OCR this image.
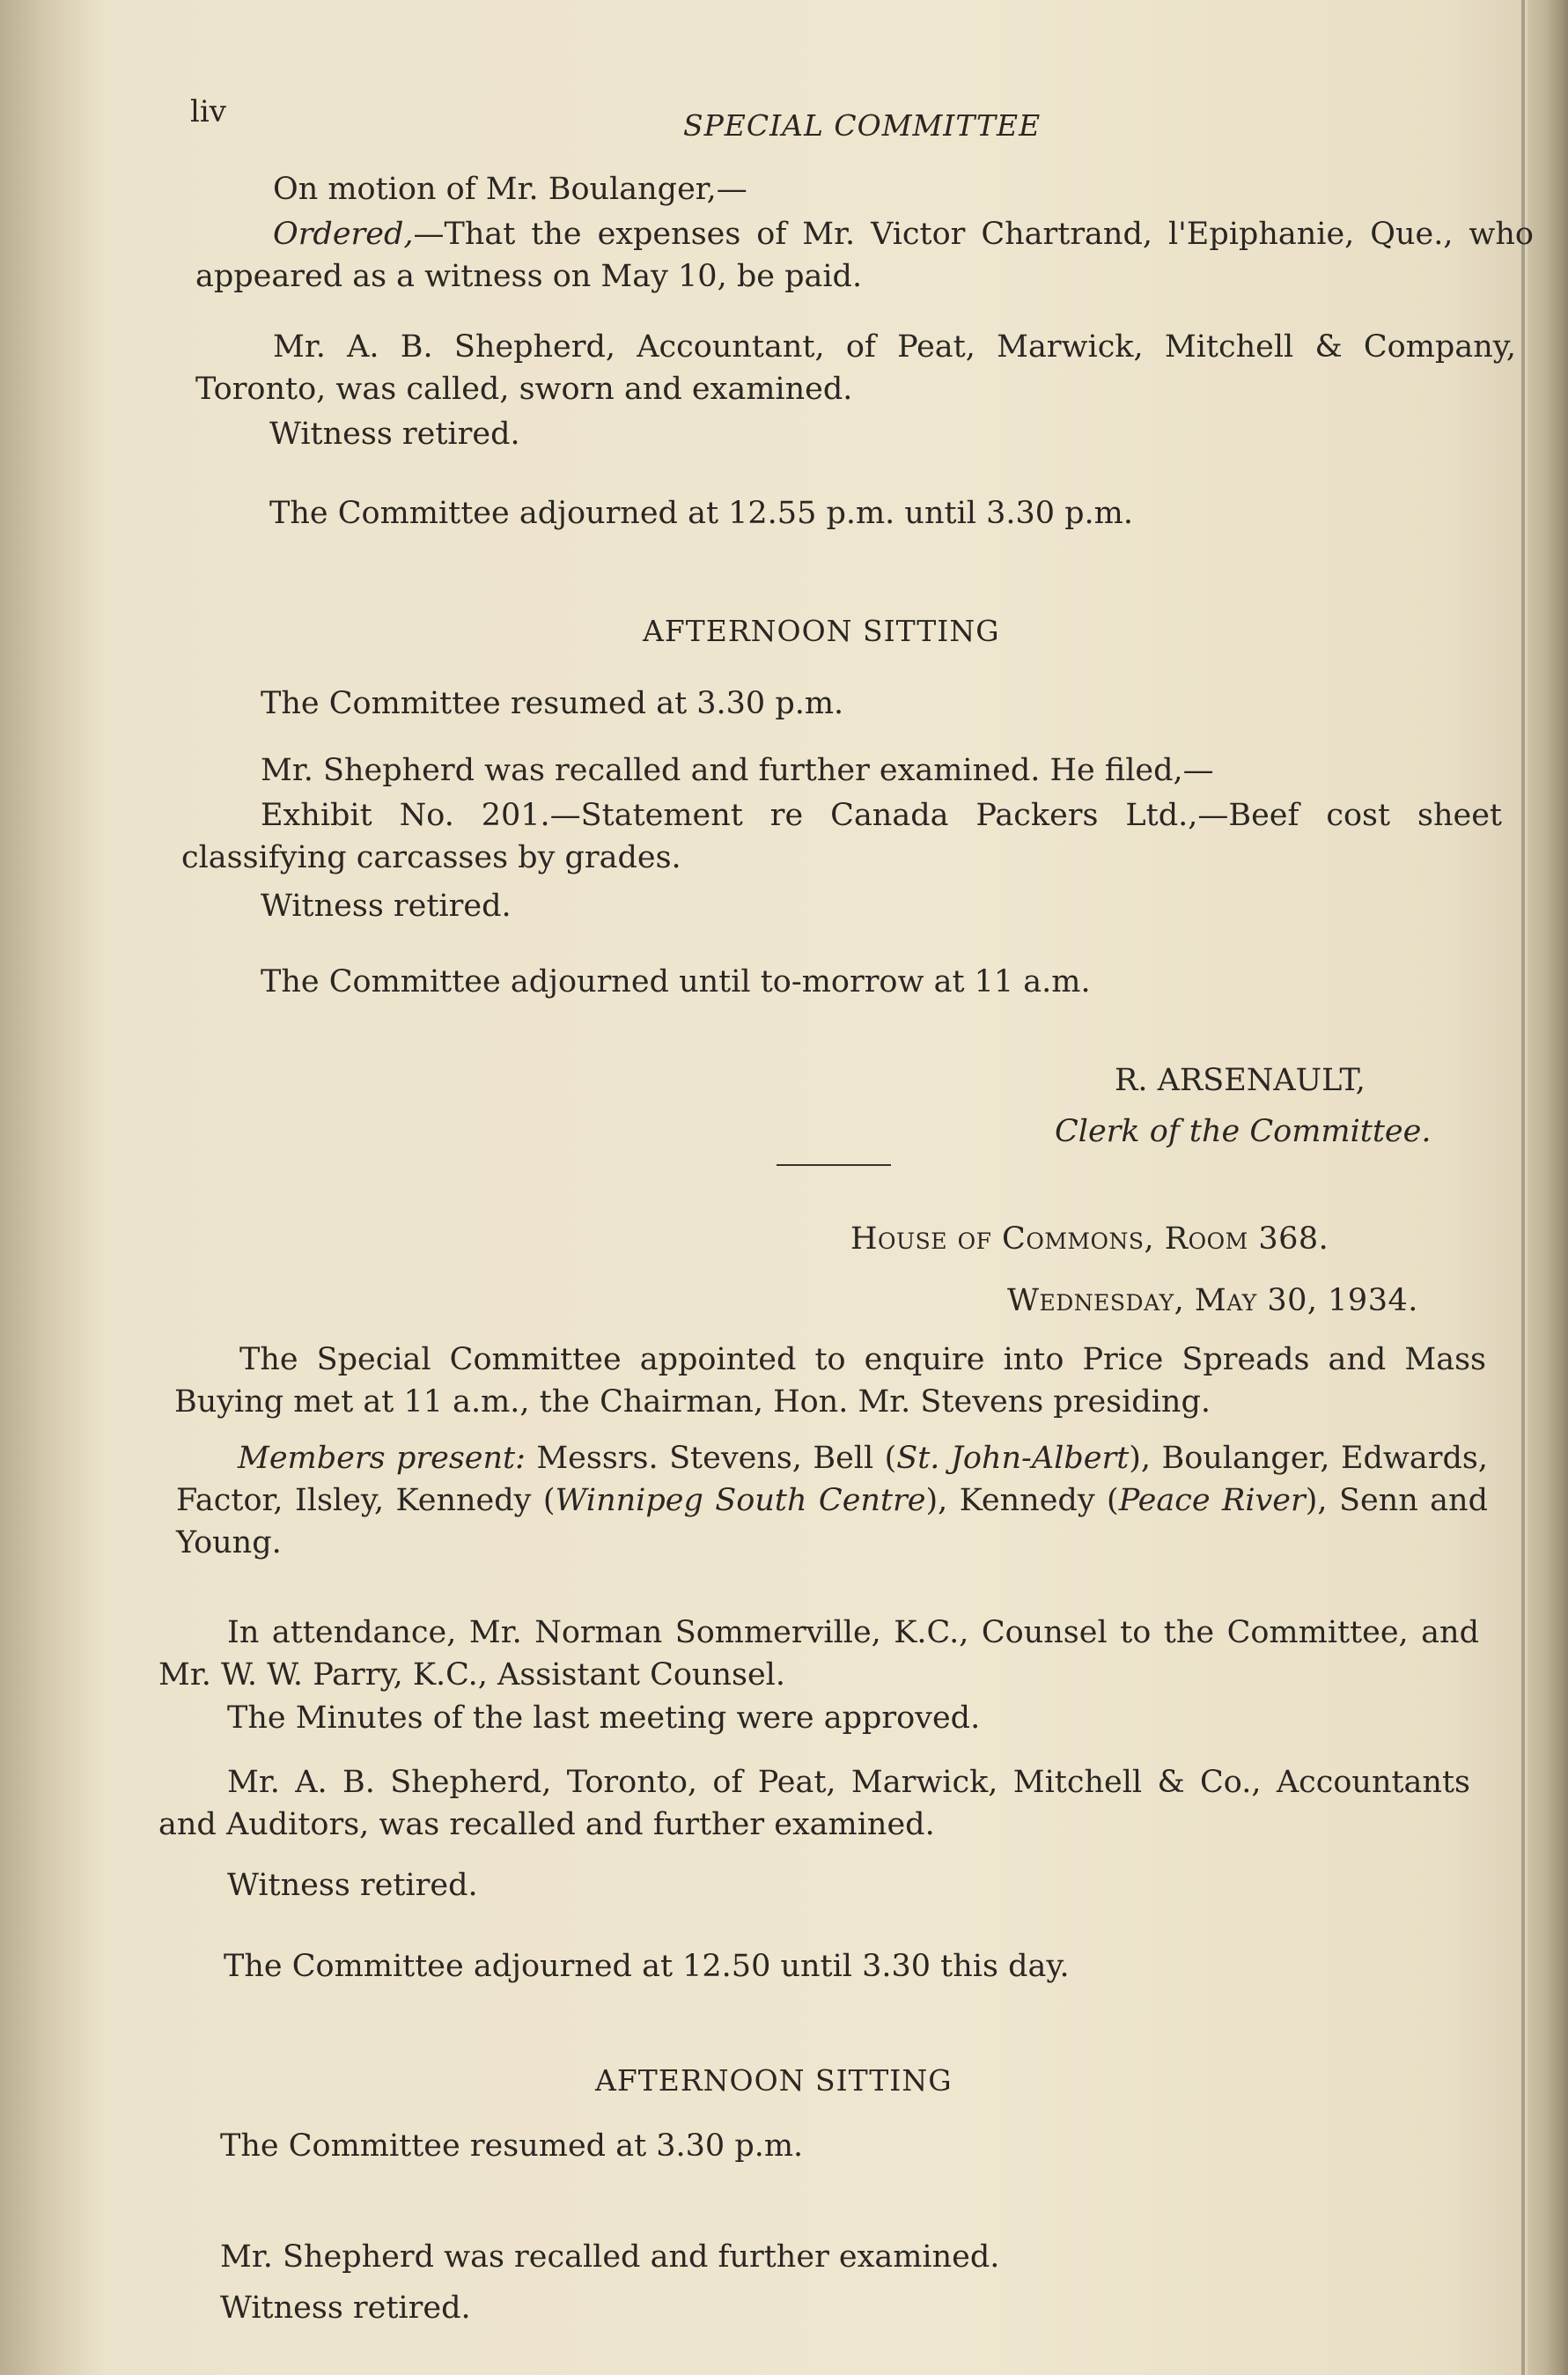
liv	SPECIAL COMMITTEE
On motion of Mr. Boulanger,—
Ordered,—That the expenses of Mr. Victor Chartrand, l'Epiphanie, Que., who appeared as a witness on May 10, be paid.
Mr. A. B. Shepherd, Accountant, of Peat, Marwick, Mitchell & Company, Toronto, was called, sworn and examined.
Witness retired.
The Committee adjourned at 12.55 p.m. until 3.30 p.m.
AFTERNOON SITTING
The Committee resumed at 3.30 p.m.
Mr. Shepherd was recalled and further examined. He filed,—
Exhibit No. 201.—Statement re Canada Packers Ltd.,—Beef cost sheet classifying carcasses by grades.
Witness retired.
The Committee adjourned until to-morrow at 11 a.m.
R. ARSENAULT,
Clerk of the Committee.
House of Commons, Room 368.
Wednesday, May 30, 1934.
The Special Committee appointed to enquire into Price Spreads and Mass Buying met at 11 a.m., the Chairman, Hon. Mr. Stevens presiding.
Members present: Messrs. Stevens, Bell (St. John-Albert), Boulanger, Edwards, Factor, Ilsley, Kennedy (Winnipeg South Centre), Kennedy (Peace River), Senn and Young.
In attendance, Mr. Norman Sommerville, K.C., Counsel to the Committee, and Mr. W. W. Parry, K.C., Assistant Counsel.
The Minutes of the last meeting were approved.
Mr. A. B. Shepherd, Toronto, of Peat, Marwick, Mitchell & Co., Accountants and Auditors, was recalled and further examined.
Witness retired.
The Committee adjourned at 12.50 until 3.30 this day.
AFTERNOON SITTING
The Committee resumed at 3.30 p.m.
Mr. Shepherd was recalled and further examined.
Witness retired.
